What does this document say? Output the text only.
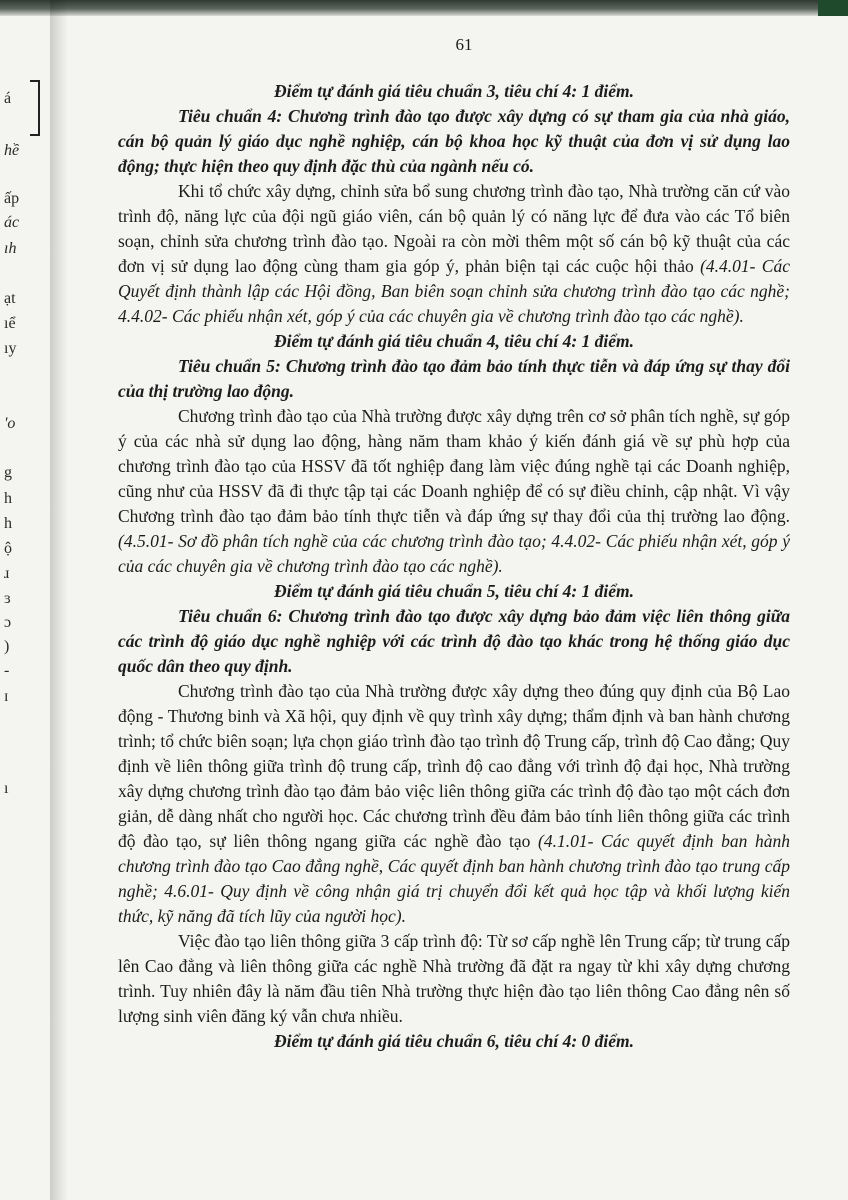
á
hề
ấp
ác
ıh
ạt
ıể
ıy
'o
g
h
h
ộ
ɹ
ɜ
ɔ
)
-
ɪ
ı
61

Điểm tự đánh giá tiêu chuẩn 3, tiêu chí 4: 1 điểm.

Tiêu chuẩn 4: Chương trình đào tạo được xây dựng có sự tham gia của nhà giáo, cán bộ quản lý giáo dục nghề nghiệp, cán bộ khoa học kỹ thuật của đơn vị sử dụng lao động; thực hiện theo quy định đặc thù của ngành nếu có.

Khi tổ chức xây dựng, chỉnh sửa bổ sung chương trình đào tạo, Nhà trường căn cứ vào trình độ, năng lực của đội ngũ giáo viên, cán bộ quản lý có năng lực để đưa vào các Tổ biên soạn, chỉnh sửa chương trình đào tạo. Ngoài ra còn mời thêm một số cán bộ kỹ thuật của các đơn vị sử dụng lao động cùng tham gia góp ý, phản biện tại các cuộc hội thảo (4.4.01- Các Quyết định thành lập các Hội đồng, Ban biên soạn chỉnh sửa chương trình đào tạo các nghề; 4.4.02- Các phiếu nhận xét, góp ý của các chuyên gia về chương trình đào tạo các nghề).

Điểm tự đánh giá tiêu chuẩn 4, tiêu chí 4: 1 điểm.

Tiêu chuẩn 5: Chương trình đào tạo đảm bảo tính thực tiễn và đáp ứng sự thay đổi của thị trường lao động.

Chương trình đào tạo của Nhà trường được xây dựng trên cơ sở phân tích nghề, sự góp ý của các nhà sử dụng lao động, hàng năm tham khảo ý kiến đánh giá về sự phù hợp của chương trình đào tạo của HSSV đã tốt nghiệp đang làm việc đúng nghề tại các Doanh nghiệp, cũng như của HSSV đã đi thực tập tại các Doanh nghiệp để có sự điều chỉnh, cập nhật. Vì vậy Chương trình đào tạo đảm bảo tính thực tiễn và đáp ứng sự thay đổi của thị trường lao động. (4.5.01- Sơ đồ phân tích nghề của các chương trình đào tạo; 4.4.02- Các phiếu nhận xét, góp ý của các chuyên gia về chương trình đào tạo các nghề).

Điểm tự đánh giá tiêu chuẩn 5, tiêu chí 4: 1 điểm.

Tiêu chuẩn 6: Chương trình đào tạo được xây dựng bảo đảm việc liên thông giữa các trình độ giáo dục nghề nghiệp với các trình độ đào tạo khác trong hệ thống giáo dục quốc dân theo quy định.

Chương trình đào tạo của Nhà trường được xây dựng theo đúng quy định của Bộ Lao động - Thương binh và Xã hội, quy định về quy trình xây dựng; thẩm định và ban hành chương trình; tổ chức biên soạn; lựa chọn giáo trình đào tạo trình độ Trung cấp, trình độ Cao đẳng; Quy định về liên thông giữa trình độ trung cấp, trình độ cao đẳng với trình độ đại học, Nhà trường xây dựng chương trình đào tạo đảm bảo việc liên thông giữa các trình độ đào tạo một cách đơn giản, dễ dàng nhất cho người học. Các chương trình đều đảm bảo tính liên thông giữa các trình độ đào tạo, sự liên thông ngang giữa các nghề đào tạo (4.1.01- Các quyết định ban hành chương trình đào tạo Cao đẳng nghề, Các quyết định ban hành chương trình đào tạo trung cấp nghề; 4.6.01- Quy định về công nhận giá trị chuyển đổi kết quả học tập và khối lượng kiến thức, kỹ năng đã tích lũy của người học).

Việc đào tạo liên thông giữa 3 cấp trình độ: Từ sơ cấp nghề lên Trung cấp; từ trung cấp lên Cao đẳng và liên thông giữa các nghề Nhà trường đã đặt ra ngay từ khi xây dựng chương trình. Tuy nhiên đây là năm đầu tiên Nhà trường thực hiện đào tạo liên thông Cao đẳng nên số lượng sinh viên đăng ký vẫn chưa nhiều.

Điểm tự đánh giá tiêu chuẩn 6, tiêu chí 4: 0 điểm.
